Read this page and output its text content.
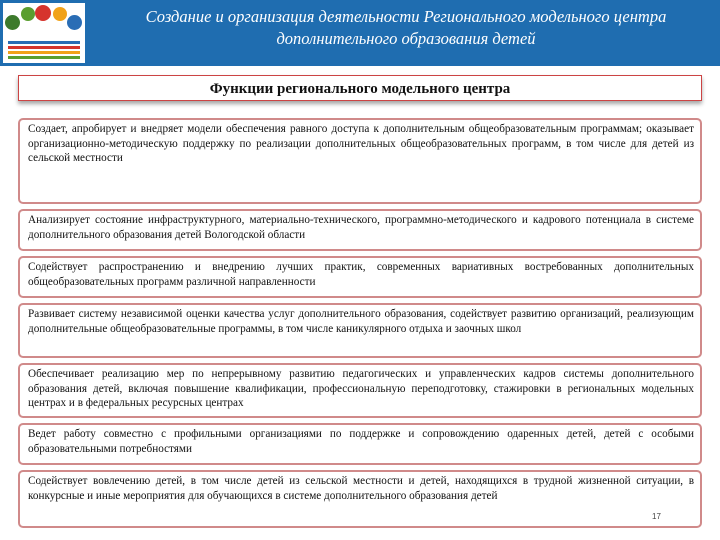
Создание и организация деятельности Регионального модельного центра
дополнительного образования детей
Функции регионального модельного центра
Создает, апробирует и внедряет модели обеспечения равного доступа к дополнительным общеобразовательным программам; оказывает организационно-методическую поддержку по реализации дополнительных общеобразовательных программ, в том числе для детей из сельской местности
Анализирует состояние инфраструктурного, материально-технического, программно-методического и кадрового потенциала в системе дополнительного образования детей Вологодской области
Содействует распространению и внедрению лучших практик, современных вариативных востребованных дополнительных общеобразовательных программ различной направленности
Развивает систему независимой оценки качества услуг дополнительного образования, содействует развитию организаций, реализующим дополнительные общеобразовательные программы, в том числе каникулярного отдыха и заочных школ
Обеспечивает реализацию мер по непрерывному развитию педагогических и управленческих кадров системы дополнительного образования детей, включая повышение квалификации, профессиональную переподготовку, стажировки в региональных модельных центрах и в федеральных ресурсных центрах
Ведет работу совместно с профильными организациями по поддержке и сопровождению одаренных детей, детей с особыми образовательными потребностями
Содействует вовлечению детей, в том числе детей из сельской местности и детей, находящихся в трудной жизненной ситуации, в конкурсные и иные мероприятия для обучающихся в системе дополнительного образования детей
17
